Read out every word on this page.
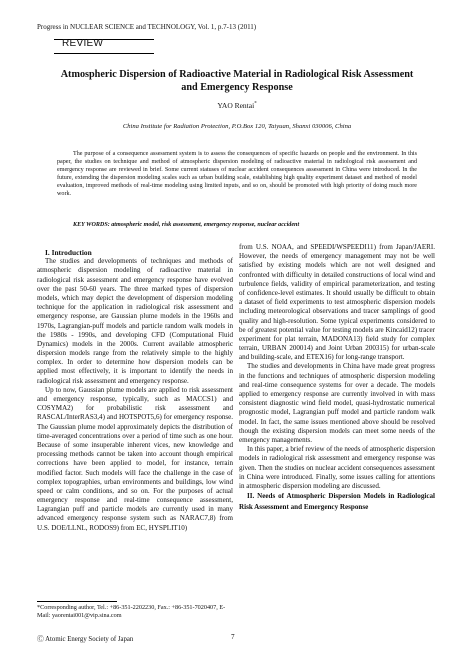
Progress in NUCLEAR SCIENCE and TECHNOLOGY, Vol. 1, p.7-13 (2011)
REVIEW
Atmospheric Dispersion of Radioactive Material in Radiological Risk Assessment
and Emergency Response
YAO Rentai*
China Institute for Radiation Protection, P.O.Box 120, Taiyuan, Shanxi 030006, China
The purpose of a consequence assessment system is to assess the consequences of specific hazards on people and the environment. In this paper, the studies on technique and method of atmospheric dispersion modeling of radioactive material in radiological risk assessment and emergency response are reviewed in brief. Some current statuses of nuclear accident consequences assessment in China were introduced. In the future, extending the dispersion modeling scales such as urban building scale, establishing high quality experiment dataset and method of model evaluation, improved methods of real-time modeling using limited inputs, and so on, should be promoted with high priority of doing much more work.
KEY WORDS: atmospheric model, risk assessment, emergency response, nuclear accident

I. Introduction

The studies and developments of techniques and methods of atmospheric dispersion modeling of radioactive material in radiological risk assessment and emergency response have evolved over the past 50-60 years. The three marked types of dispersion models, which may depict the development of dispersion modeling technique for the application in radiological risk assessment and emergency response, are Gaussian plume models in the 1960s and 1970s, Lagrangian-puff models and particle random walk models in the 1980s - 1990s, and developing CFD (Computational Fluid Dynamics) models in the 2000s. Current available atmospheric dispersion models range from the relatively simple to the highly complex. In order to determine how dispersion models can be applied most effectively, it is important to identify the needs in radiological risk assessment and emergency response.

Up to now, Gaussian plume models are applied to risk assessment and emergency response, typically, such as MACCS1) and COSYMA2) for probabilistic risk assessment and RASCAL/InterRAS3,4) and HOTSPOT5,6) for emergency response. The Gaussian plume model approximately depicts the distribution of time-averaged concentrations over a period of time such as one hour. Because of some insuperable inherent vices, new knowledge and processing methods cannot be taken into account though empirical corrections have been applied to model, for instance, terrain modified factor. Such models will face the challenge in the case of complex topographies, urban environments and buildings, low wind speed or calm conditions, and so on. For the purposes of actual emergency response and real-time consequence assessment, Lagrangian puff and particle models are currently used in many advanced emergency response system such as NARAC7,8) from U.S. DOE/LLNL, RODOS9) from EC, HYSPLIT10)

from U.S. NOAA, and SPEEDI/WSPEEDI11) from Japan/JAERI. However, the needs of emergency management may not be well satisfied by existing models which are not well designed and confronted with difficulty in detailed constructions of local wind and turbulence fields, validity of empirical parameterization, and testing of confidence-level estimates. It should usually be difficult to obtain a dataset of field experiments to test atmospheric dispersion models including meteorological observations and tracer samplings of good quality and high-resolution. Some typical experiments considered to be of greatest potential value for testing models are Kincaid12) tracer experiment for plat terrain, MADONA13) field study for complex terrain, URBAN 200014) and Joint Urban 200315) for urban-scale and building-scale, and ETEX16) for long-range transport.

The studies and developments in China have made great progress in the functions and techniques of atmospheric dispersion modeling and real-time consequence systems for over a decade. The models applied to emergency response are currently involved in with mass consistent diagnostic wind field model, quasi-hydrostatic numerical prognostic model, Lagrangian puff model and particle random walk model. In fact, the same issues mentioned above should be resolved though the existing dispersion models can meet some needs of the emergency managements.

In this paper, a brief review of the needs of atmospheric dispersion models in radiological risk assessment and emergency response was given. Then the studies on nuclear accident consequences assessment in China were introduced. Finally, some issues calling for attentions in atmospheric dispersion modeling are discussed.

II. Needs of Atmospheric Dispersion Models in Radiological Risk Assessment and Emergency Response

*Corresponding author, Tel.: +86-351-2202230, Fax.: +86-351-7020407, E-Mail: yaorentai001@vip.sina.com
Ⓒ Atomic Energy Society of Japan	7
